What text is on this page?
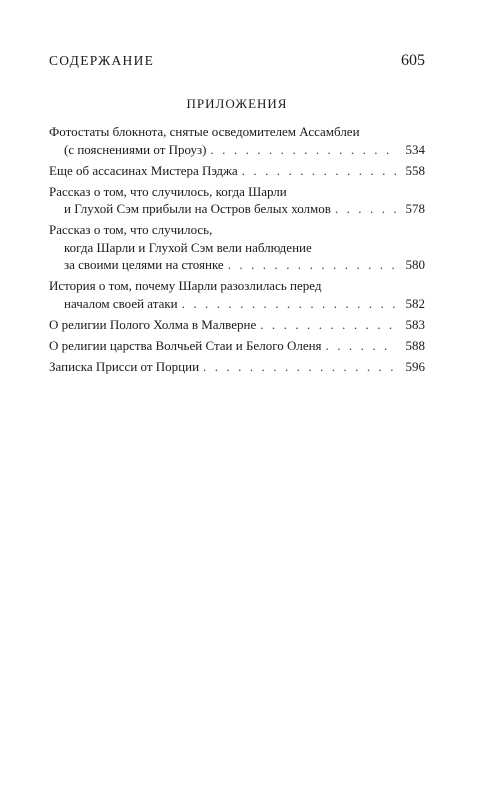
СОДЕРЖАНИЕ	605
ПРИЛОЖЕНИЯ
Фотостаты блокнота, снятые осведомителем Ассамблеи
(с пояснениями от Проуз) . . .	534
Еще об ассасинах Мистера Пэджа . . .	558
Рассказ о том, что случилось, когда Шарли
и Глухой Сэм прибыли на Остров белых холмов . . .	578
Рассказ о том, что случилось,
когда Шарли и Глухой Сэм вели наблюдение
за своими целями на стоянке . . .	580
История о том, почему Шарли разозлилась перед
началом своей атаки . . .	582
О религии Полого Холма в Малверне . . .	583
О религии царства Волчьей Стаи и Белого Оленя . . .	588
Записка Присси от Порции . . .	596
